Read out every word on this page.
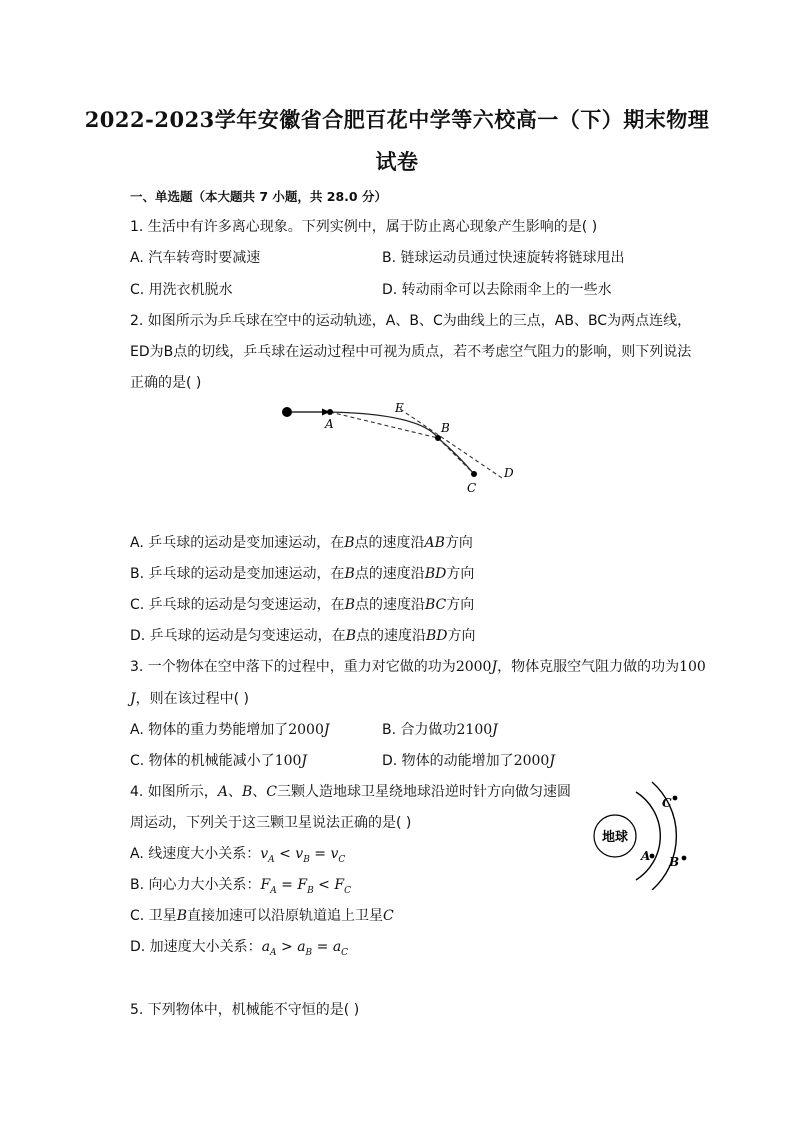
2022-2023学年安徽省合肥百花中学等六校高一（下）期末物理
试卷
一、单选题（本大题共 7 小题，共 28.0 分）
1. 生活中有许多离心现象。下列实例中，属于防止离心现象产生影响的是( )
A. 汽车转弯时要减速	B. 链球运动员通过快速旋转将链球甩出
C. 用洗衣机脱水	D. 转动雨伞可以去除雨伞上的一些水
2. 如图所示为乒乓球在空中的运动轨迹，A、B、C为曲线上的三点，AB、BC为两点连线，
ED为B点的切线，乒乓球在运动过程中可视为质点，若不考虑空气阻力的影响，则下列说法
正确的是( )
A
E
B
D
C
A. 乒乓球的运动是变加速运动，在B点的速度沿AB方向
B. 乒乓球的运动是变加速运动，在B点的速度沿BD方向
C. 乒乓球的运动是匀变速运动，在B点的速度沿BC方向
D. 乒乓球的运动是匀变速运动，在B点的速度沿BD方向
3. 一个物体在空中落下的过程中，重力对它做的功为2000J，物体克服空气阻力做的功为100
J，则在该过程中( )
A. 物体的重力势能增加了2000J	B. 合力做功2100J
C. 物体的机械能减小了100J	D. 物体的动能增加了2000J
4. 如图所示，A、B、C三颗人造地球卫星绕地球沿逆时针方向做匀速圆
周运动，下列关于这三颗卫星说法正确的是( )
A. 线速度大小关系：$v_A < v_B = v_C$
B. 向心力大小关系：$F_A = F_B < F_C$
C. 卫星B直接加速可以沿原轨道追上卫星C
D. 加速度大小关系：$a_A > a_B = a_C$
地球
A B
C
5. 下列物体中，机械能不守恒的是( )
